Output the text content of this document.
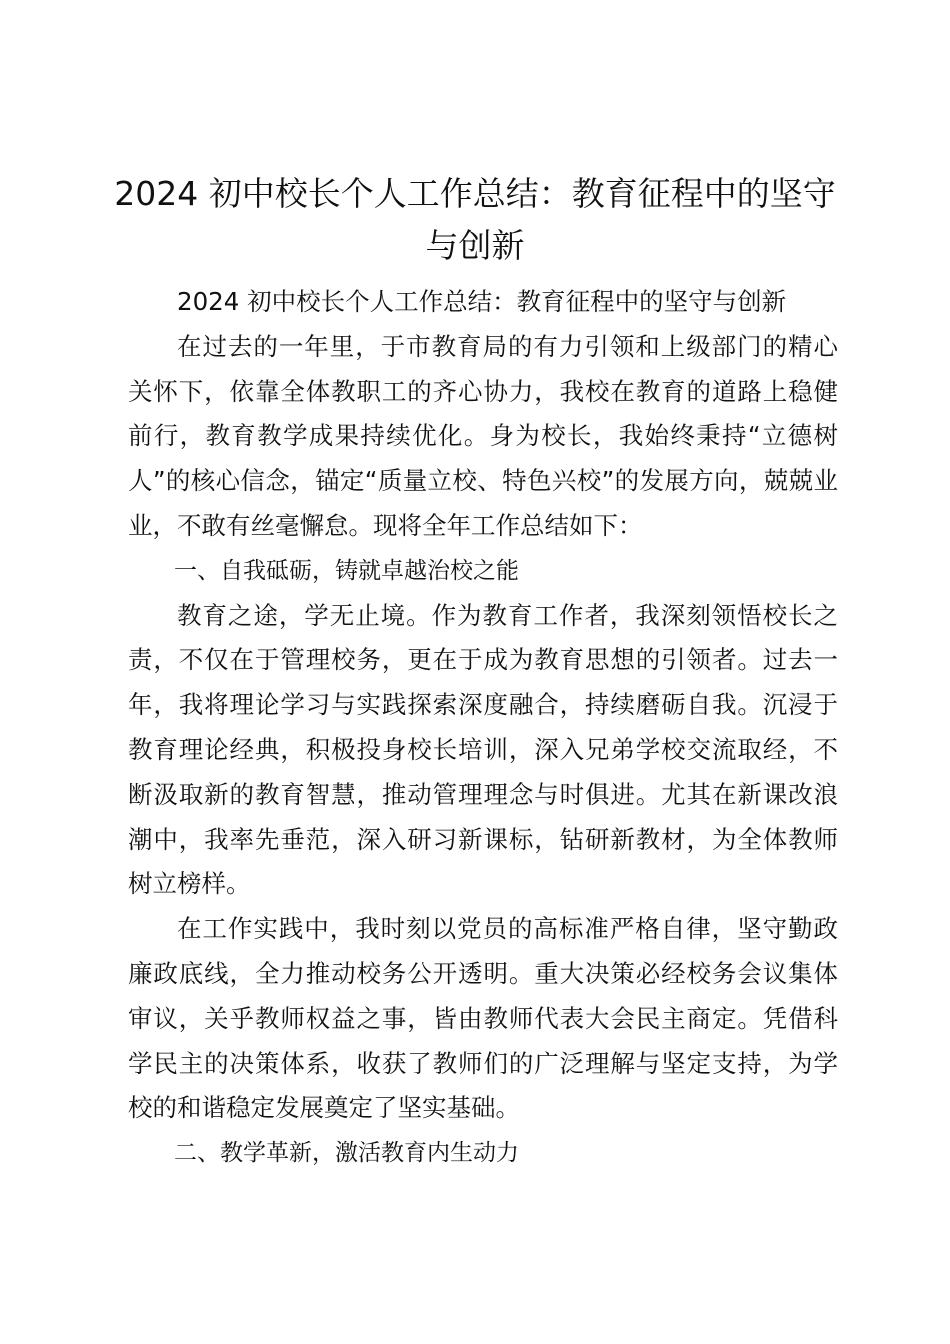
2024 初中校长个人工作总结：教育征程中的坚守与创新

2024 初中校长个人工作总结：教育征程中的坚守与创新

在过去的一年里，于市教育局的有力引领和上级部门的精心关怀下，依靠全体教职工的齐心协力，我校在教育的道路上稳健前行，教育教学成果持续优化。身为校长，我始终秉持“立德树人”的核心信念，锚定“质量立校、特色兴校”的发展方向，兢兢业业，不敢有丝毫懈怠。现将全年工作总结如下：

一、自我砥砺，铸就卓越治校之能

教育之途，学无止境。作为教育工作者，我深刻领悟校长之责，不仅在于管理校务，更在于成为教育思想的引领者。过去一年，我将理论学习与实践探索深度融合，持续磨砺自我。沉浸于教育理论经典，积极投身校长培训，深入兄弟学校交流取经，不断汲取新的教育智慧，推动管理理念与时俱进。尤其在新课改浪潮中，我率先垂范，深入研习新课标，钻研新教材，为全体教师树立榜样。

在工作实践中，我时刻以党员的高标准严格自律，坚守勤政廉政底线，全力推动校务公开透明。重大决策必经校务会议集体审议，关乎教师权益之事，皆由教师代表大会民主商定。凭借科学民主的决策体系，收获了教师们的广泛理解与坚定支持，为学校的和谐稳定发展奠定了坚实基础。

二、教学革新，激活教育内生动力
